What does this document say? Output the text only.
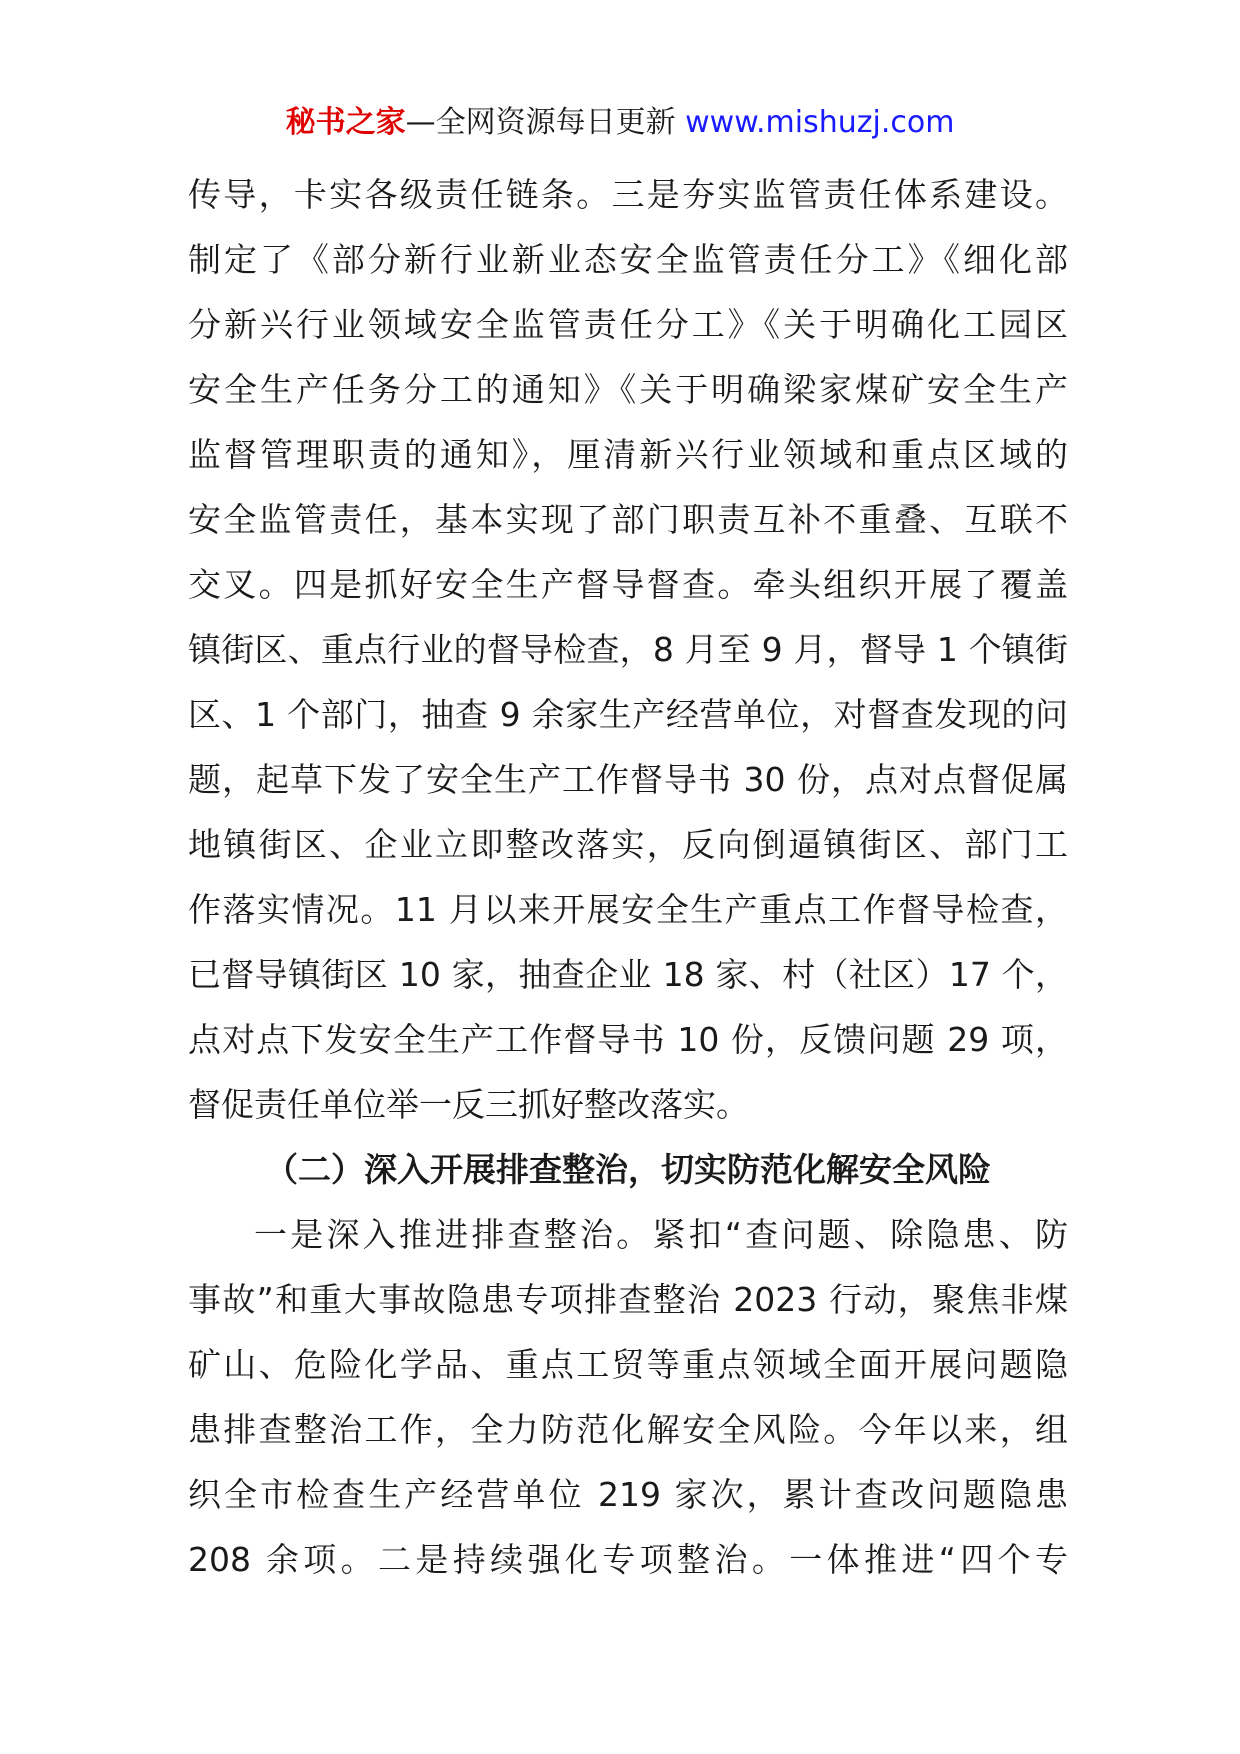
秘书之家—全网资源每日更新 www.mishuzj.com
传导，卡实各级责任链条。三是夯实监管责任体系建设。
制定了《部分新行业新业态安全监管责任分工》《细化部
分新兴行业领域安全监管责任分工》《关于明确化工园区
安全生产任务分工的通知》《关于明确梁家煤矿安全生产
监督管理职责的通知》，厘清新兴行业领域和重点区域的
安全监管责任，基本实现了部门职责互补不重叠、互联不
交叉。四是抓好安全生产督导督查。牵头组织开展了覆盖
镇街区、重点行业的督导检查，8 月至 9 月，督导 1 个镇街
区、1 个部门，抽查 9 余家生产经营单位，对督查发现的问
题，起草下发了安全生产工作督导书 30 份，点对点督促属
地镇街区、企业立即整改落实，反向倒逼镇街区、部门工
作落实情况。11 月以来开展安全生产重点工作督导检查，
已督导镇街区 10 家，抽查企业 18 家、村（社区）17 个，
点对点下发安全生产工作督导书 10 份，反馈问题 29 项，
督促责任单位举一反三抓好整改落实。
（二）深入开展排查整治，切实防范化解安全风险
一是深入推进排查整治。紧扣“查问题、除隐患、防
事故”和重大事故隐患专项排查整治 2023 行动，聚焦非煤
矿山、危险化学品、重点工贸等重点领域全面开展问题隐
患排查整治工作，全力防范化解安全风险。今年以来，组
织全市检查生产经营单位 219 家次，累计查改问题隐患
208 余项。二是持续强化专项整治。一体推进“四个专
